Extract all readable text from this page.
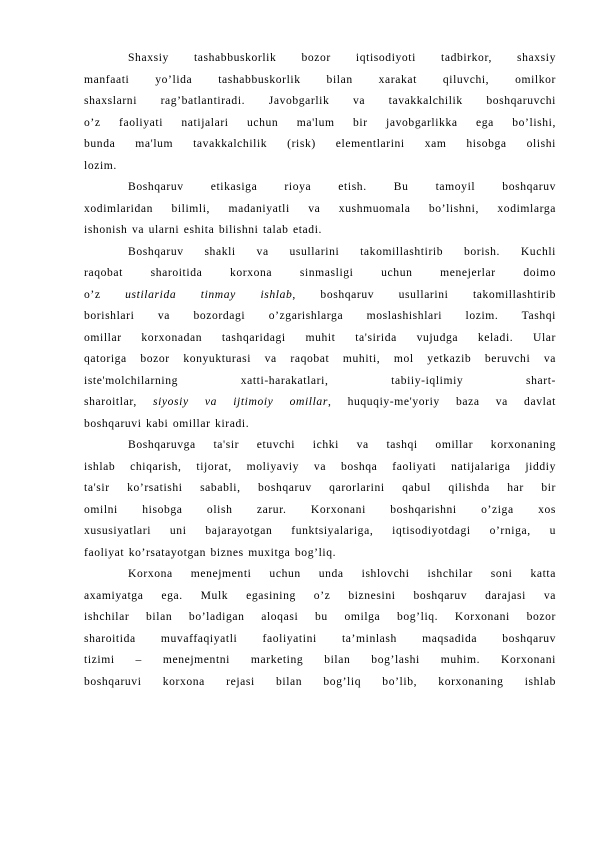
Shaxsiy tashabbuskorlik bozor iqtisodiyoti tadbirkor, shaxsiy
manfaati yo’lida tashabbuskorlik bilan xarakat qiluvchi, omilkor
shaxslarni rag’batlantiradi. Javobgarlik va tavakkalchilik boshqaruvchi
o’z faoliyati natijalari uchun ma'lum bir javobgarlikka ega bo’lishi,
bunda ma'lum tavakkalchilik (risk) elementlarini xam hisobga olishi
lozim.
Boshqaruv etikasiga rioya etish. Bu tamoyil boshqaruv
xodimlaridan bilimli, madaniyatli va xushmuomala bo’lishni, xodimlarga
ishonish va ularni eshita bilishni talab etadi.
Boshqaruv shakli va usullarini takomillashtirib borish. Kuchli
raqobat sharoitida korxona sinmasligi uchun menejerlar doimo
o’z ustilarida tinmay ishlab, boshqaruv usullarini takomillashtirib
borishlari va bozordagi o’zgarishlarga moslashishlari lozim. Tashqi
omillar korxonadan tashqaridagi muhit ta'sirida vujudga keladi. Ular
qatoriga bozor konyukturasi va raqobat muhiti, mol yetkazib beruvchi va
iste'molchilarning xatti-harakatlari, tabiiy-iqlimiy shart-
sharoitlar, siyosiy va ijtimoiy omillar, huquqiy-me'yoriy baza va davlat
boshqaruvi kabi omillar kiradi.
Boshqaruvga ta'sir etuvchi ichki va tashqi omillar korxonaning
ishlab chiqarish, tijorat, moliyaviy va boshqa faoliyati natijalariga jiddiy
ta'sir ko’rsatishi sababli, boshqaruv qarorlarini qabul qilishda har bir
omilni hisobga olish zarur. Korxonani boshqarishni o’ziga xos
xususiyatlari uni bajarayotgan funktsiyalariga, iqtisodiyotdagi o’rniga, u
faoliyat ko’rsatayotgan biznes muxitga bog’liq.
Korxona menejmenti uchun unda ishlovchi ishchilar soni katta
axamiyatga ega. Mulk egasining o’z biznesini boshqaruv darajasi va
ishchilar bilan bo’ladigan aloqasi bu omilga bog’liq. Korxonani bozor
sharoitida muvaffaqiyatli faoliyatini ta’minlash maqsadida boshqaruv
tizimi – menejmentni marketing bilan bog’lashi muhim. Korxonani
boshqaruvi korxona rejasi bilan bog’liq bo’lib, korxonaning ishlab
